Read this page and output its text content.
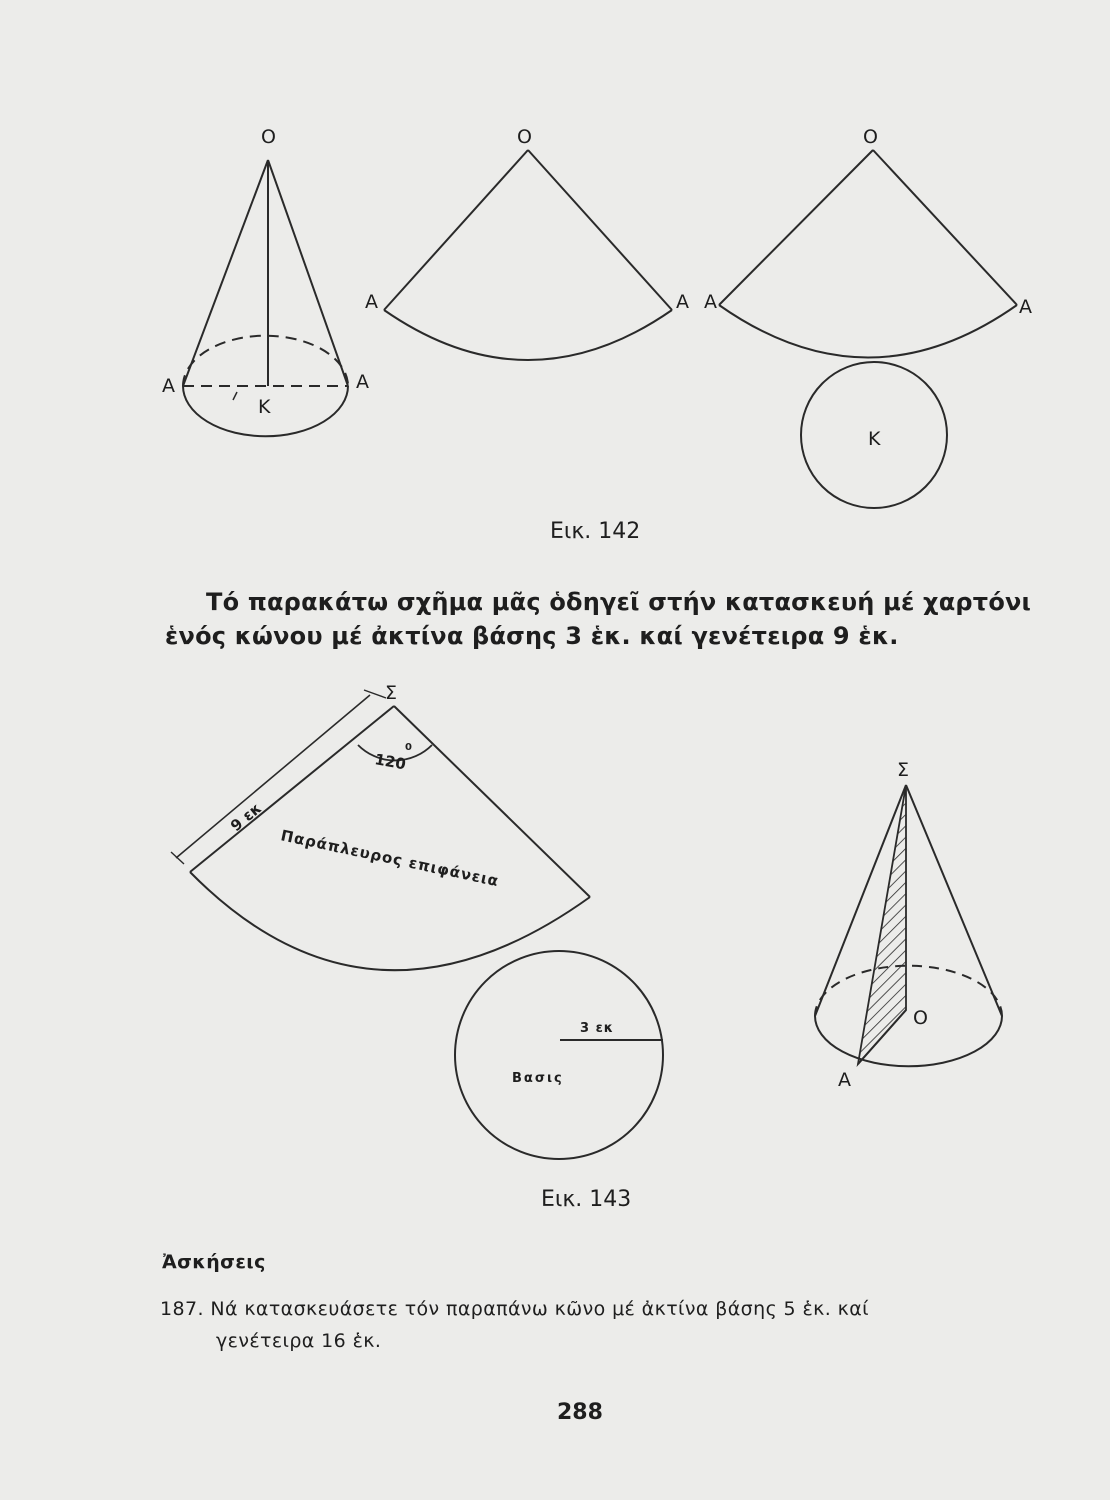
O
A	A
K
O
A	A
O
A	A
K
Εικ. 142
Σ
120
0
9 εκ
Παράπλευρος επιφάνεια
3 εκ
Βασις
Σ
O
A
Εικ. 143

Τό παρακάτω σχῆμα μᾶς ὁδηγεῖ στήν κατασκευή μέ χαρτόνι

ἑνός κώνου μέ ἀκτίνα βάσης 3 ἑκ. καί γενέτειρα 9 ἑκ.

Ἀσκήσεις

187. Νά κατασκευάσετε τόν παραπάνω κῶνο μέ ἀκτίνα βάσης 5 ἑκ. καί

γενέτειρα 16 ἑκ.

288
